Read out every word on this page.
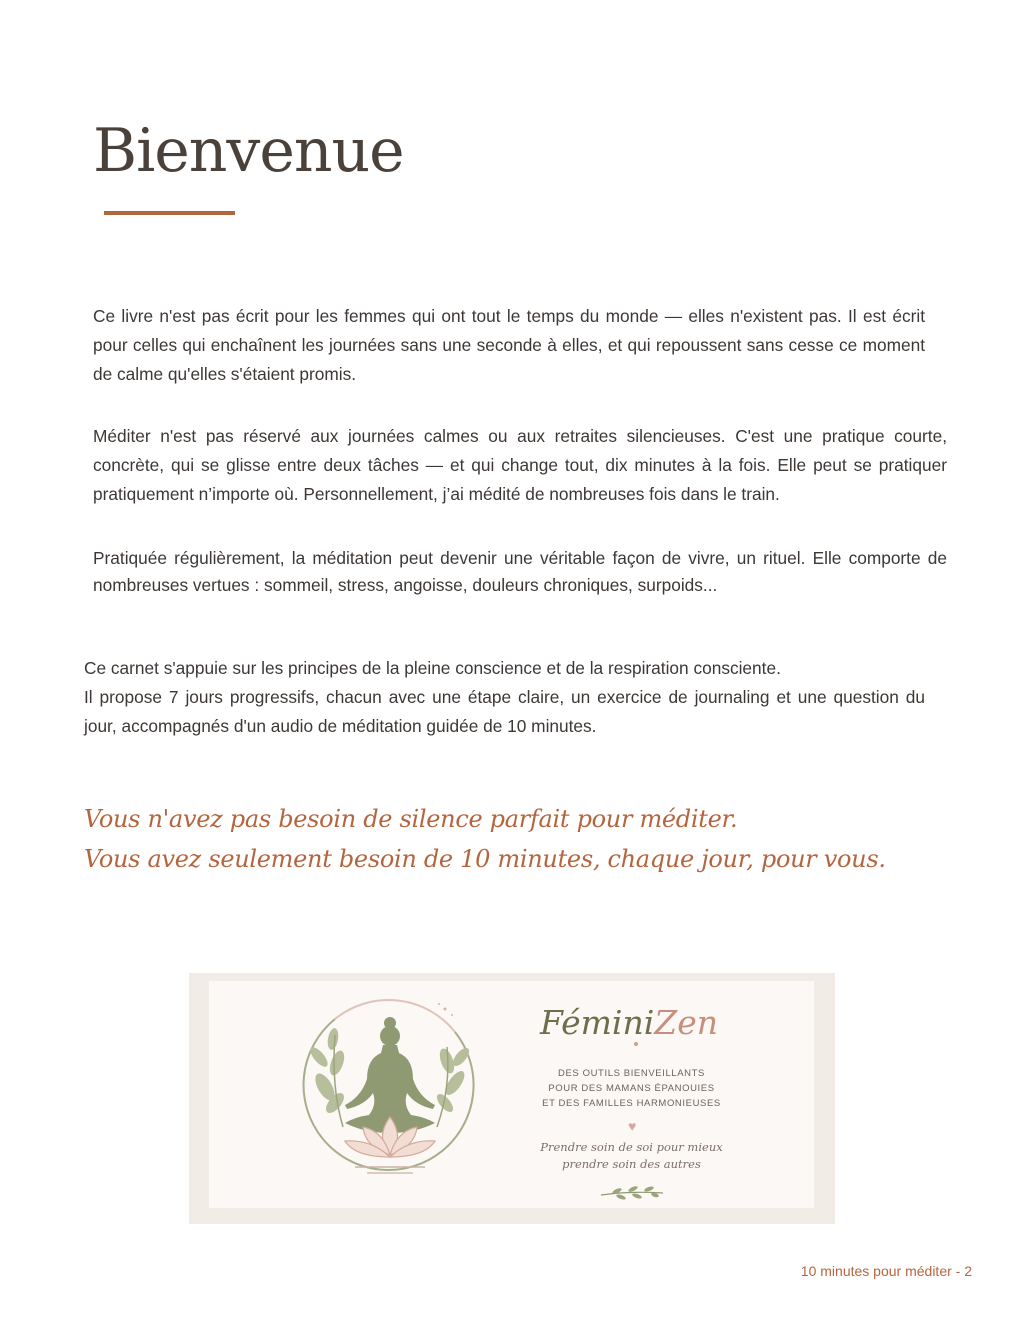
Bienvenue

Ce livre n'est pas écrit pour les femmes qui ont tout le temps du monde — elles n'existent pas. Il est écrit pour celles qui enchaînent les journées sans une seconde à elles, et qui repoussent sans cesse ce moment de calme qu'elles s'étaient promis.

Méditer n'est pas réservé aux journées calmes ou aux retraites silencieuses. C'est une pratique courte, concrète, qui se glisse entre deux tâches — et qui change tout, dix minutes à la fois. Elle peut se pratiquer pratiquement n’importe où. Personnellement, j’ai médité de nombreuses fois dans le train.

Pratiquée régulièrement, la méditation peut devenir une véritable façon de vivre, un rituel. Elle comporte de nombreuses vertues : sommeil, stress, angoisse, douleurs chroniques, surpoids...

Ce carnet s'appuie sur les principes de la pleine conscience et de la respiration consciente.
Il propose 7 jours progressifs, chacun avec une étape claire, un exercice de journaling et une question du jour, accompagnés d'un audio de méditation guidée de 10 minutes.

Vous n'avez pas besoin de silence parfait pour méditer.

Vous avez seulement besoin de 10 minutes, chaque jour, pour vous.

FéminiZen
DES OUTILS BIENVEILLANTS
POUR DES MAMANS ÉPANOUIES
ET DES FAMILLES HARMONIEUSES
♥
Prendre soin de soi pour mieux
prendre soin des autres

10 minutes pour méditer - 2
